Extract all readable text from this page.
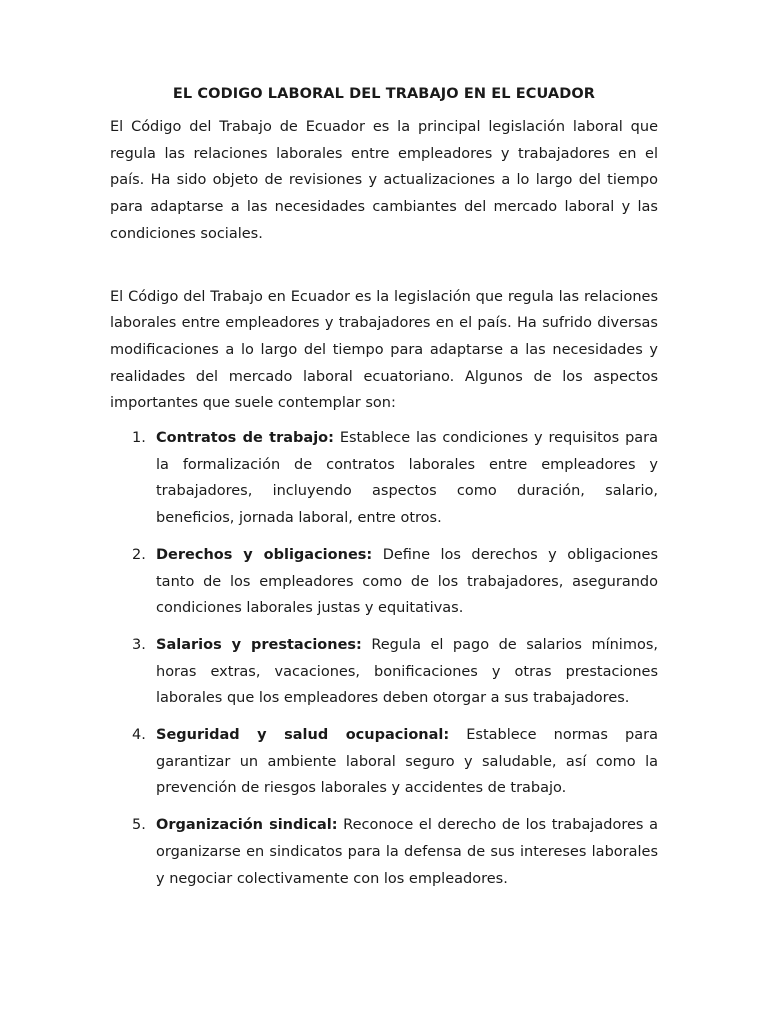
EL CODIGO LABORAL DEL TRABAJO EN EL ECUADOR

El Código del Trabajo de Ecuador es la principal legislación laboral que regula las relaciones laborales entre empleadores y trabajadores en el país. Ha sido objeto de revisiones y actualizaciones a lo largo del tiempo para adaptarse a las necesidades cambiantes del mercado laboral y las condiciones sociales.

El Código del Trabajo en Ecuador es la legislación que regula las relaciones laborales entre empleadores y trabajadores en el país. Ha sufrido diversas modificaciones a lo largo del tiempo para adaptarse a las necesidades y realidades del mercado laboral ecuatoriano. Algunos de los aspectos importantes que suele contemplar son:

1. Contratos de trabajo: Establece las condiciones y requisitos para la formalización de contratos laborales entre empleadores y trabajadores, incluyendo aspectos como duración, salario, beneficios, jornada laboral, entre otros.
2. Derechos y obligaciones: Define los derechos y obligaciones tanto de los empleadores como de los trabajadores, asegurando condiciones laborales justas y equitativas.
3. Salarios y prestaciones: Regula el pago de salarios mínimos, horas extras, vacaciones, bonificaciones y otras prestaciones laborales que los empleadores deben otorgar a sus trabajadores.
4. Seguridad y salud ocupacional: Establece normas para garantizar un ambiente laboral seguro y saludable, así como la prevención de riesgos laborales y accidentes de trabajo.
5. Organización sindical: Reconoce el derecho de los trabajadores a organizarse en sindicatos para la defensa de sus intereses laborales y negociar colectivamente con los empleadores.
